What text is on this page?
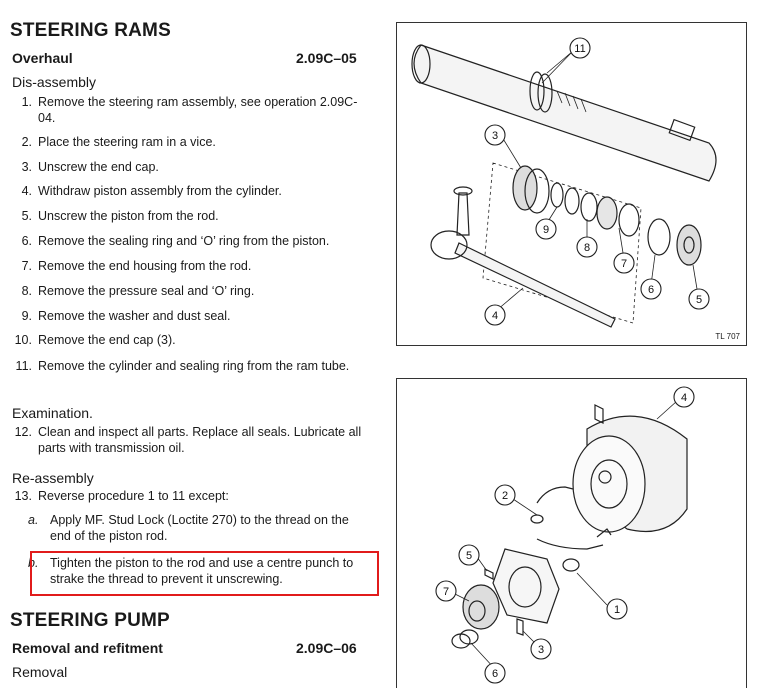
STEERING RAMS
Overhaul	2.09C–05
Dis-assembly
1. Remove the steering ram assembly, see operation 2.09C-04.
2. Place the steering ram in a vice.
3. Unscrew the end cap.
4. Withdraw piston assembly from the cylinder.
5. Unscrew the piston from the rod.
6. Remove the sealing ring and ‘O’ ring from the piston.
7. Remove the end housing from the rod.
8. Remove the pressure seal and ‘O’ ring.
9. Remove the washer and dust seal.
10. Remove the end cap (3).
11. Remove the cylinder and sealing ring from the ram tube.
Examination.
12. Clean and inspect all parts. Replace all seals. Lubricate all parts with transmission oil.
Re-assembly
13. Reverse procedure 1 to 11 except:
a. Apply MF. Stud Lock (Loctite 270) to the thread on the end of the piston rod.
b. Tighten the piston to the rod and use a centre punch to strake the thread to prevent it unscrewing.
STEERING PUMP
Removal and refitment	2.09C–06
Removal
11
3
9
8
7
6
5
4
TL 707
4
2
5
7
3
1
6
